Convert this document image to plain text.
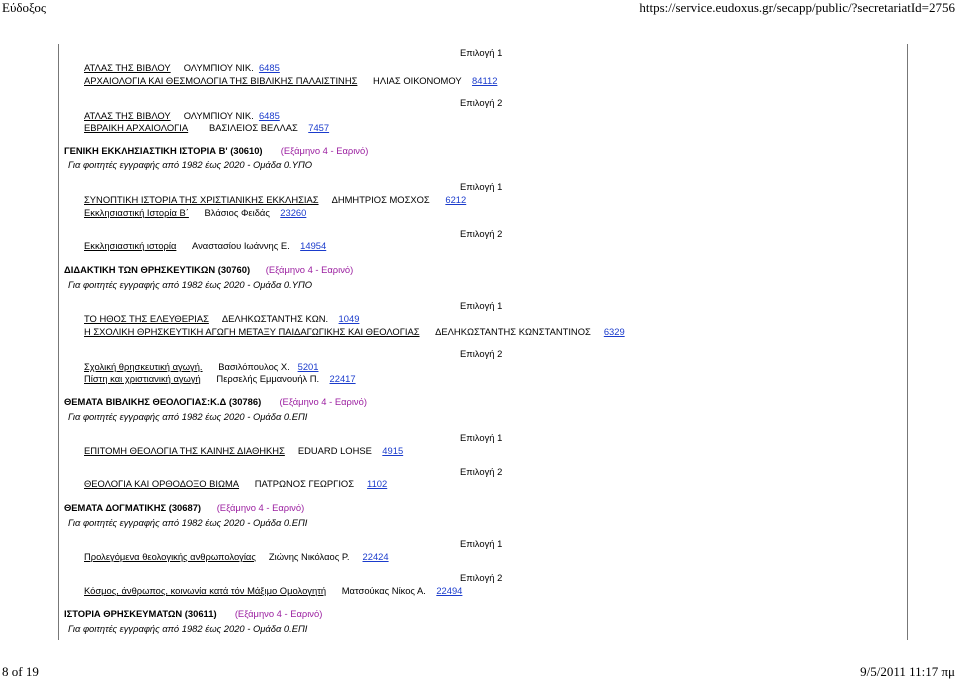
Εύδοξος	https://service.eudoxus.gr/secapp/public/?secretariatId=2756
Επιλογή 1
ΑΤΛΑΣ ΤΗΣ ΒΙΒΛΟΥ ΟΛΥΜΠΙΟΥ ΝΙΚ. 6485
ΑΡΧΑΙΟΛΟΓΙΑ ΚΑΙ ΘΕΣΜΟΛΟΓΙΑ ΤΗΣ ΒΙΒΛΙΚΗΣ ΠΑΛΑΙΣΤΙΝΗΣ ΗΛΙΑΣ ΟΙΚΟΝΟΜΟΥ 84112
Επιλογή 2
ΑΤΛΑΣ ΤΗΣ ΒΙΒΛΟΥ ΟΛΥΜΠΙΟΥ ΝΙΚ. 6485
ΕΒΡΑΙΚΗ ΑΡΧΑΙΟΛΟΓΙΑ ΒΑΣΙΛΕΙΟΣ ΒΕΛΛΑΣ 7457
ΓΕΝΙΚΗ ΕΚΚΛΗΣΙΑΣΤΙΚΗ ΙΣΤΟΡΙΑ Β' (30610) (Εξάμηνο 4 - Εαρινό)
Για φοιτητές εγγραφής από 1982 έως 2020 - Ομάδα 0.ΥΠΟ
Επιλογή 1
ΣΥΝΟΠΤΙΚΗ ΙΣΤΟΡΙΑ ΤΗΣ ΧΡΙΣΤΙΑΝΙΚΗΣ ΕΚΚΛΗΣΙΑΣ ΔΗΜΗΤΡΙΟΣ ΜΟΣΧΟΣ 6212
Εκκλησιαστική Ιστορία Β΄ Βλάσιος Φειδάς 23260
Επιλογή 2
Εκκλησιαστική ιστορία Αναστασίου Ιωάννης Ε. 14954
ΔΙΔΑΚΤΙΚΗ ΤΩΝ ΘΡΗΣΚΕΥΤΙΚΩΝ (30760) (Εξάμηνο 4 - Εαρινό)
Για φοιτητές εγγραφής από 1982 έως 2020 - Ομάδα 0.ΥΠΟ
Επιλογή 1
ΤΟ ΗΘΟΣ ΤΗΣ ΕΛΕΥΘΕΡΙΑΣ ΔΕΛΗΚΩΣΤΑΝΤΗΣ ΚΩΝ. 1049
Η ΣΧΟΛΙΚΗ ΘΡΗΣΚΕΥΤΙΚΗ ΑΓΩΓΗ ΜΕΤΑΞΥ ΠΑΙΔΑΓΩΓΙΚΗΣ ΚΑΙ ΘΕΟΛΟΓΙΑΣ ΔΕΛΗΚΩΣΤΑΝΤΗΣ ΚΩΝΣΤΑΝΤΙΝΟΣ 6329
Επιλογή 2
Σχολική θρησκευτική αγωγή. Βασιλόπουλος Χ. 5201
Πίστη και χριστιανική αγωγή Περσελής Εμμανουήλ Π. 22417
ΘΕΜΑΤΑ ΒΙΒΛΙΚΗΣ ΘΕΟΛΟΓΙΑΣ:Κ.Δ (30786) (Εξάμηνο 4 - Εαρινό)
Για φοιτητές εγγραφής από 1982 έως 2020 - Ομάδα 0.ΕΠΙ
Επιλογή 1
ΕΠΙΤΟΜΗ ΘΕΟΛΟΓΙΑ ΤΗΣ ΚΑΙΝΗΣ ΔΙΑΘΗΚΗΣ EDUARD LOHSE 4915
Επιλογή 2
ΘΕΟΛΟΓΙΑ ΚΑΙ ΟΡΘΟΔΟΞΟ ΒΙΩΜΑ ΠΑΤΡΩΝΟΣ ΓΕΩΡΓΙΟΣ 1102
ΘΕΜΑΤΑ ΔΟΓΜΑΤΙΚΗΣ (30687) (Εξάμηνο 4 - Εαρινό)
Για φοιτητές εγγραφής από 1982 έως 2020 - Ομάδα 0.ΕΠΙ
Επιλογή 1
Προλεγόμενα θεολογικής ανθρωπολογίας Ζιώνης Νικόλαος Ρ. 22424
Επιλογή 2
Κόσμος, άνθρωπος, κοινωνία κατά τόν Μάξιμο Ομολογητή Ματσούκας Νίκος Α. 22494
ΙΣΤΟΡΙΑ ΘΡΗΣΚΕΥΜΑΤΩΝ (30611) (Εξάμηνο 4 - Εαρινό)
Για φοιτητές εγγραφής από 1982 έως 2020 - Ομάδα 0.ΕΠΙ
8 of 19	9/5/2011 11:17 πμ
